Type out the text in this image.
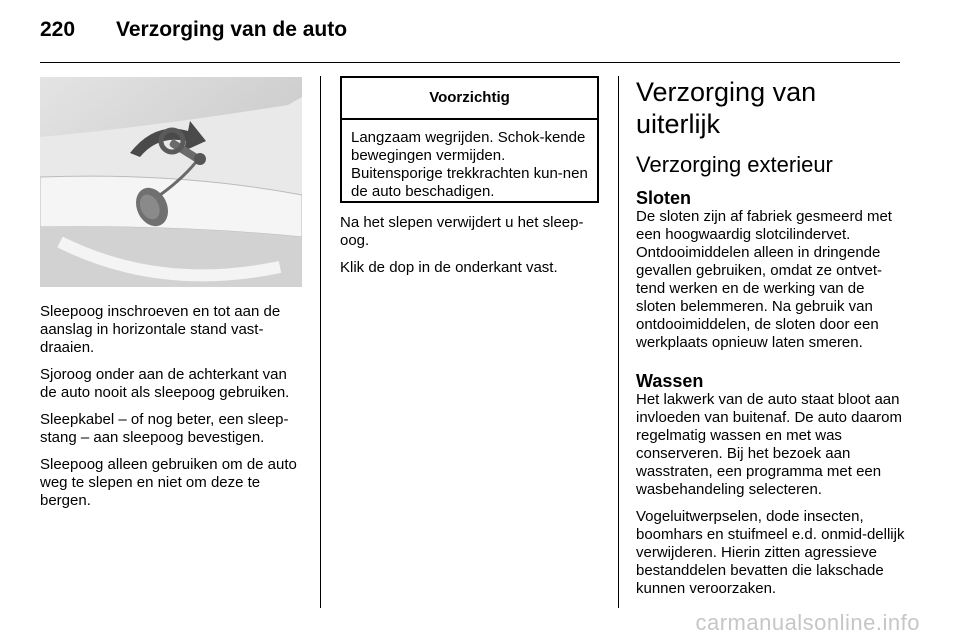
220 Verzorging van de auto

Sleepoog inschroeven en tot aan de aanslag in horizontale stand vast-draaien.

Sjoroog onder aan de achterkant van de auto nooit als sleepoog gebruiken.

Sleepkabel – of nog beter, een sleep-stang – aan sleepoog bevestigen.

Sleepoog alleen gebruiken om de auto weg te slepen en niet om deze te bergen.

Voorzichtig
Langzaam wegrijden. Schok-kende bewegingen vermijden. Buitensporige trekkrachten kun-nen de auto beschadigen.

Na het slepen verwijdert u het sleep-oog.

Klik de dop in de onderkant vast.

Verzorging van uiterlijk
Verzorging exterieur
Sloten

De sloten zijn af fabriek gesmeerd met een hoogwaardig slotcilindervet. Ontdooimiddelen alleen in dringende gevallen gebruiken, omdat ze ontvet-tend werken en de werking van de sloten belemmeren. Na gebruik van ontdooimiddelen, de sloten door een werkplaats opnieuw laten smeren.

Wassen

Het lakwerk van de auto staat bloot aan invloeden van buitenaf. De auto daarom regelmatig wassen en met was conserveren. Bij het bezoek aan wasstraten, een programma met een wasbehandeling selecteren.

Vogeluitwerpselen, dode insecten, boomhars en stuifmeel e.d. onmid-dellijk verwijderen. Hierin zitten agressieve bestanddelen bevatten die lakschade kunnen veroorzaken.

carmanualsonline.info
